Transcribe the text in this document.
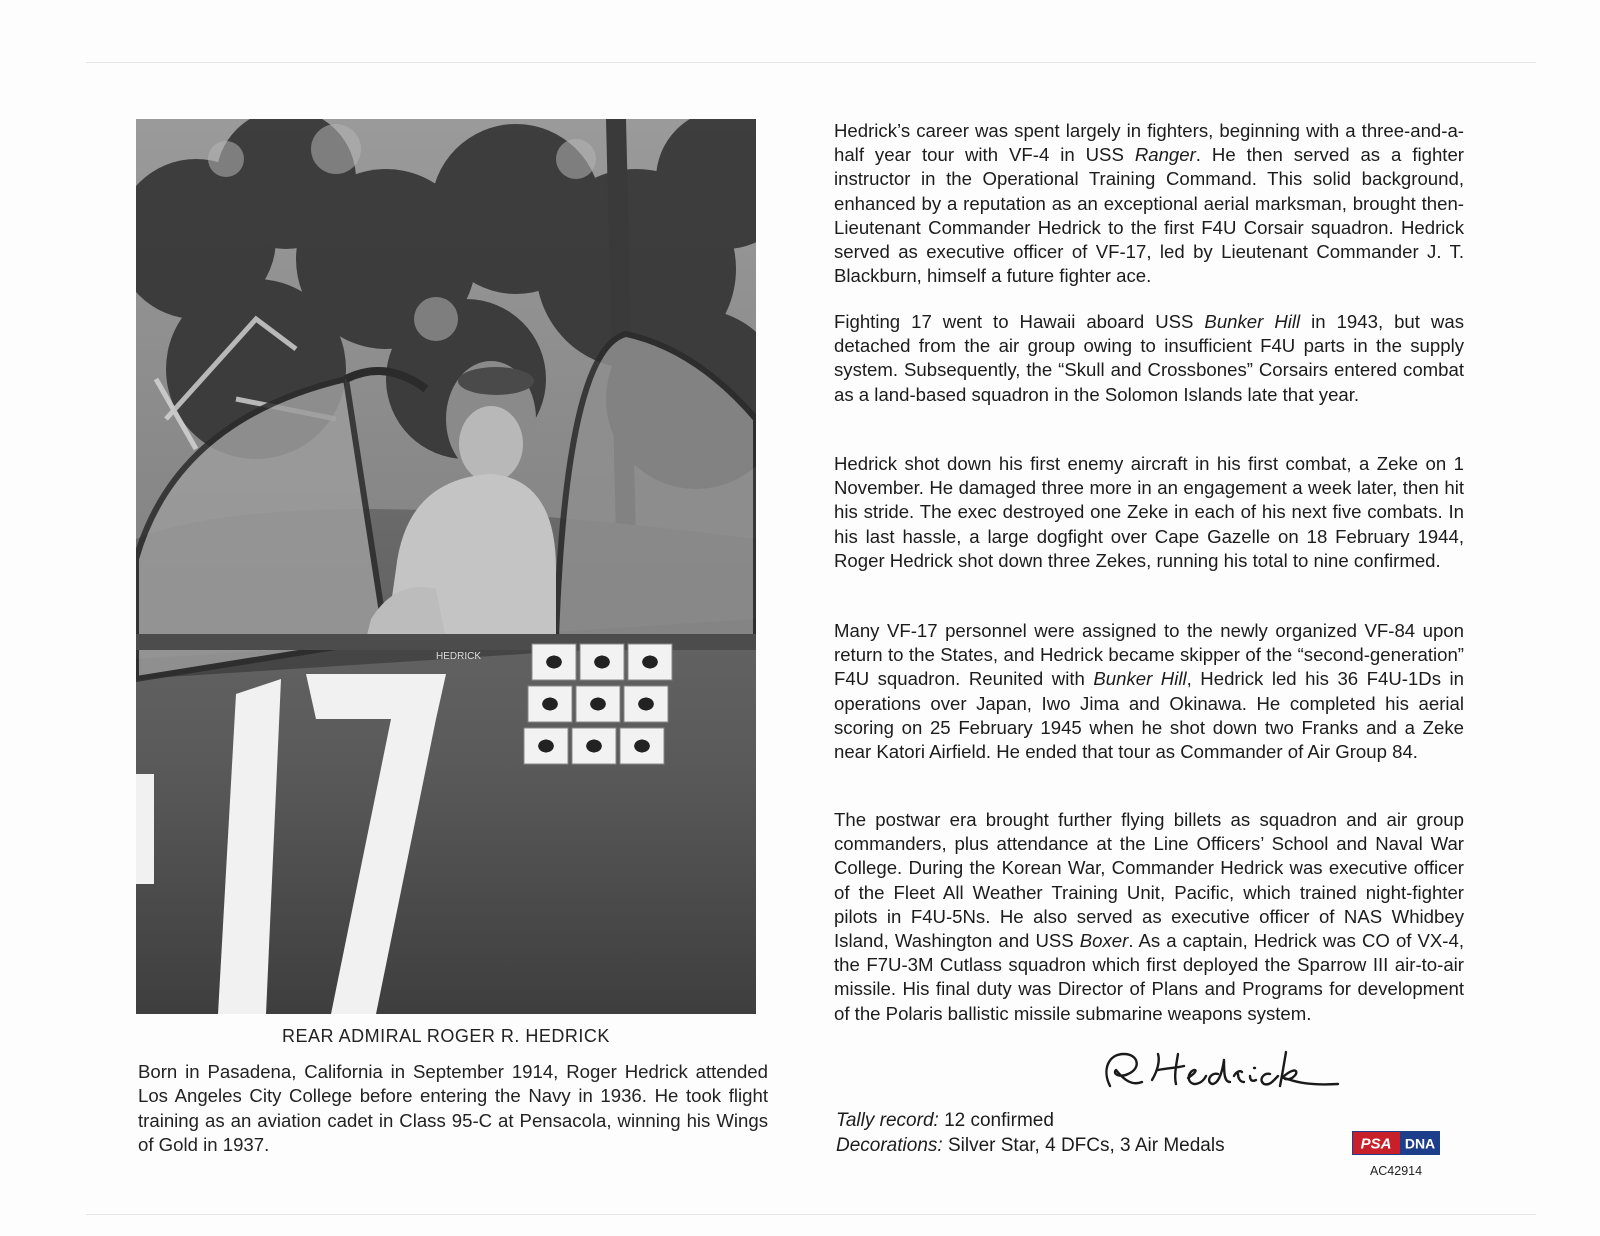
HEDRICK
REAR ADMIRAL ROGER R. HEDRICK
Born in Pasadena, California in September 1914, Roger Hedrick attended Los Angeles City College before entering the Navy in 1936. He took flight training as an aviation cadet in Class 95-C at Pensacola, winning his Wings of Gold in 1937.

Hedrick’s career was spent largely in fighters, beginning with a three-and-a-half year tour with VF-4 in USS Ranger. He then served as a fighter instructor in the Operational Training Command. This solid background, enhanced by a reputation as an exceptional aerial marksman, brought then-Lieutenant Commander Hedrick to the first F4U Corsair squadron. Hedrick served as executive officer of VF-17, led by Lieutenant Commander J. T. Blackburn, himself a future fighter ace.

Fighting 17 went to Hawaii aboard USS Bunker Hill in 1943, but was detached from the air group owing to insufficient F4U parts in the supply system. Subsequently, the “Skull and Crossbones” Corsairs entered combat as a land-based squadron in the Solomon Islands late that year.

Hedrick shot down his first enemy aircraft in his first combat, a Zeke on 1 November. He damaged three more in an engagement a week later, then hit his stride. The exec destroyed one Zeke in each of his next five combats. In his last hassle, a large dogfight over Cape Gazelle on 18 February 1944, Roger Hedrick shot down three Zekes, running his total to nine confirmed.

Many VF-17 personnel were assigned to the newly organized VF-84 upon return to the States, and Hedrick became skipper of the “second-generation” F4U squadron. Reunited with Bunker Hill, Hedrick led his 36 F4U-1Ds in operations over Japan, Iwo Jima and Okinawa. He completed his aerial scoring on 25 February 1945 when he shot down two Franks and a Zeke near Katori Airfield. He ended that tour as Commander of Air Group 84.

The postwar era brought further flying billets as squadron and air group commanders, plus attendance at the Line Officers’ School and Naval War College. During the Korean War, Commander Hedrick was executive officer of the Fleet All Weather Training Unit, Pacific, which trained night-fighter pilots in F4U-5Ns. He also served as executive officer of NAS Whidbey Island, Washington and USS Boxer. As a captain, Hedrick was CO of VX-4, the F7U-3M Cutlass squadron which first deployed the Sparrow III air-to-air missile. His final duty was Director of Plans and Programs for development of the Polaris ballistic missile submarine weapons system.

Tally record: 12 confirmed
Decorations: Silver Star, 4 DFCs, 3 Air Medals	PSA DNA
AC42914
